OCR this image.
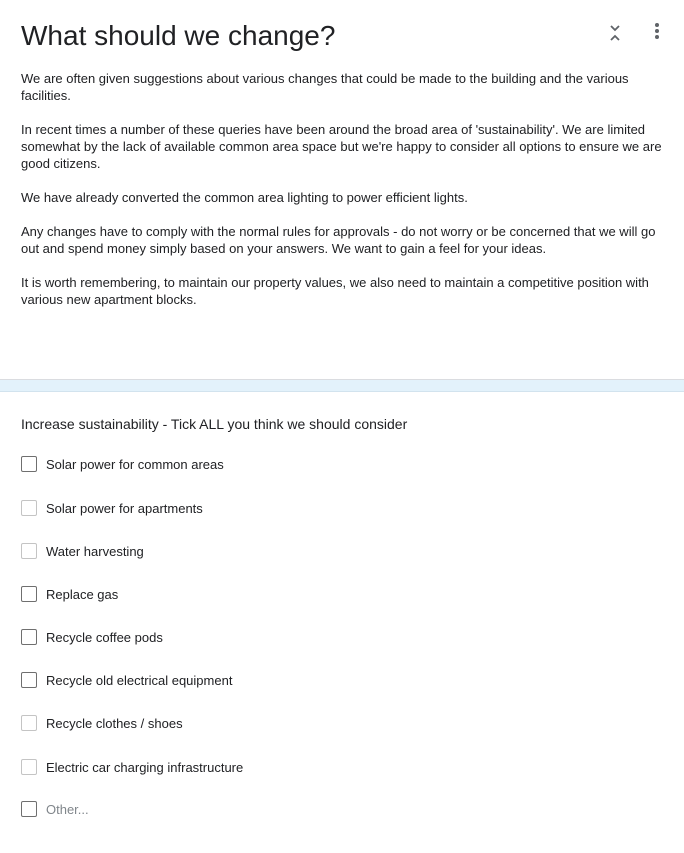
What should we change?

We are often given suggestions about various changes that could be made to the building and the various facilities.

In recent times a number of these queries have been around the broad area of 'sustainability'. We are limited somewhat by the lack of available common area space but we're happy to consider all options to ensure we are good citizens.

We have already converted the common area lighting to power efficient lights.

Any changes have to comply with the normal rules for approvals - do not worry or be concerned that we will go out and spend money simply based on your answers. We want to gain a feel for your ideas.

It is worth remembering, to maintain our property values, we also need to maintain a competitive position with various new apartment blocks.

Increase sustainability - Tick ALL you think we should consider
Solar power for common areas
Solar power for apartments
Water harvesting
Replace gas
Recycle coffee pods
Recycle old electrical equipment
Recycle clothes / shoes
Electric car charging infrastructure
Other...
